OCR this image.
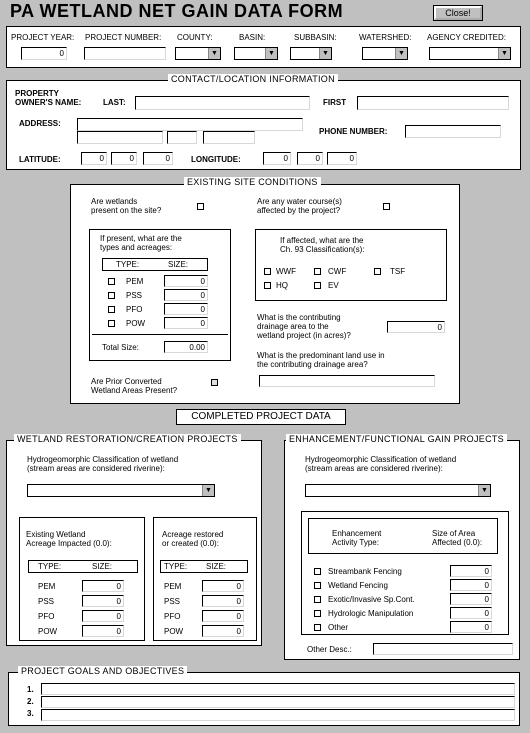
PA WETLAND NET GAIN DATA FORM	Close!
PROJECT YEAR:
0
PROJECT NUMBER: COUNTY:
▼
BASIN:
▼
SUBBASIN:
▼
WATERSHED:
▼
AGENCY CREDITED:
▼
PROPERTY
OWNER'S NAME:	LAST:	FIRST
ADDRESS:
PHONE NUMBER:
LATITUDE:	0	0	0	LONGITUDE:	0	0	0
CONTACT/LOCATION INFORMATION
Are wetlands
present on the site?
Are any water course(s)
affected by the project?
If present, what are the
types and acreages:
TYPE:	SIZE:
PEM	0
PSS	0
PFO	0
POW	0
Total Size:	0.00
If affected, what are the
Ch. 93 Classification(s):
WWF	CWF	TSF
HQ	EV
What is the contributing
drainage area to the
wetland project (in acres)?
0
What is the predominant land use in
the contributing drainage area?
Are Prior Converted
Wetland Areas Present?
EXISTING SITE CONDITIONS
COMPLETED PROJECT DATA
Hydrogeomorphic Classification of wetland
(stream areas are considered riverine):
▼
Existing Wetland
Acreage Impacted (0.0):
TYPE:	SIZE:
PEM	0
PSS	0
PFO	0
POW	0
Acreage restored
or created (0.0):
TYPE: SIZE:
PEM	0
PSS	0
PFO	0
POW	0
WETLAND RESTORATION/CREATION PROJECTS
Hydrogeomorphic Classification of wetland
(stream areas are considered riverine):
▼
Enhancement
Activity Type:
Size of Area
Affected (0.0):
Streambank Fencing	0
Wetland Fencing	0
Exotic/Invasive Sp.Cont.	0
Hydrologic Manipulation	0
Other	0
Other Desc.:
ENHANCEMENT/FUNCTIONAL GAIN PROJECTS
1.
2.
3.
PROJECT GOALS AND OBJECTIVES
